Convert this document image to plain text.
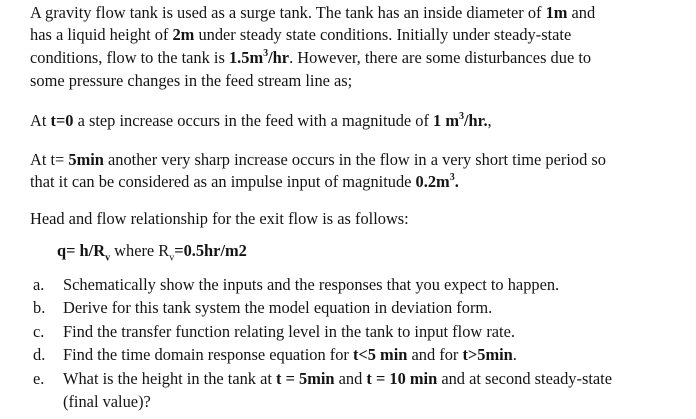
A gravity flow tank is used as a surge tank. The tank has an inside diameter of 1m and
has a liquid height of 2m under steady state conditions. Initially under steady-state
conditions, flow to the tank is $1.5m^3/hr$. However, there are some disturbances due to
some pressure changes in the feed stream line as;
At t=0 a step increase occurs in the feed with a magnitude of 1 $m^3/hr$.,
At t= 5min another very sharp increase occurs in the flow in a very short time period so
that it can be considered as an impulse input of magnitude $0.2m^3$.
Head and flow relationship for the exit flow is as follows:
$q= h/R_v$ where $R_v=0.5hr/m2$
a.	Schematically show the inputs and the responses that you expect to happen.
b.	Derive for this tank system the model equation in deviation form.
c.	Find the transfer function relating level in the tank to input flow rate.
d.	Find the time domain response equation for t<5 min and for t>5min.
e.	What is the height in the tank at t = 5min and t = 10 min and at second steady-state
(final value)?
